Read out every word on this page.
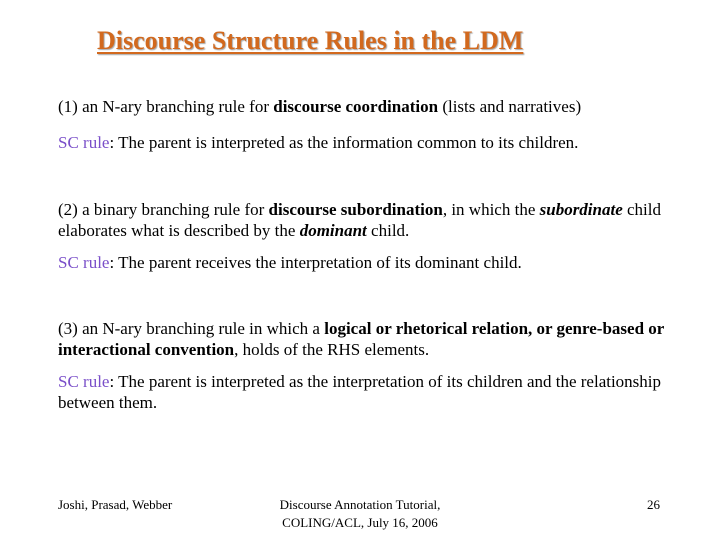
Discourse Structure Rules in the LDM

(1) an N-ary branching rule for discourse coordination (lists and narratives)

SC rule: The parent is interpreted as the information common to its children.

(2) a binary branching rule for discourse subordination, in which the subordinate child elaborates what is described by the dominant child.

SC rule: The parent receives the interpretation of its dominant child.

(3) an N-ary branching rule in which a logical or rhetorical relation, or genre-based or interactional convention, holds of the RHS elements.

SC rule: The parent is interpreted as the interpretation of its children and the relationship between them.

Joshi, Prasad, Webber	Discourse Annotation Tutorial,
COLING/ACL, July 16, 2006
26
